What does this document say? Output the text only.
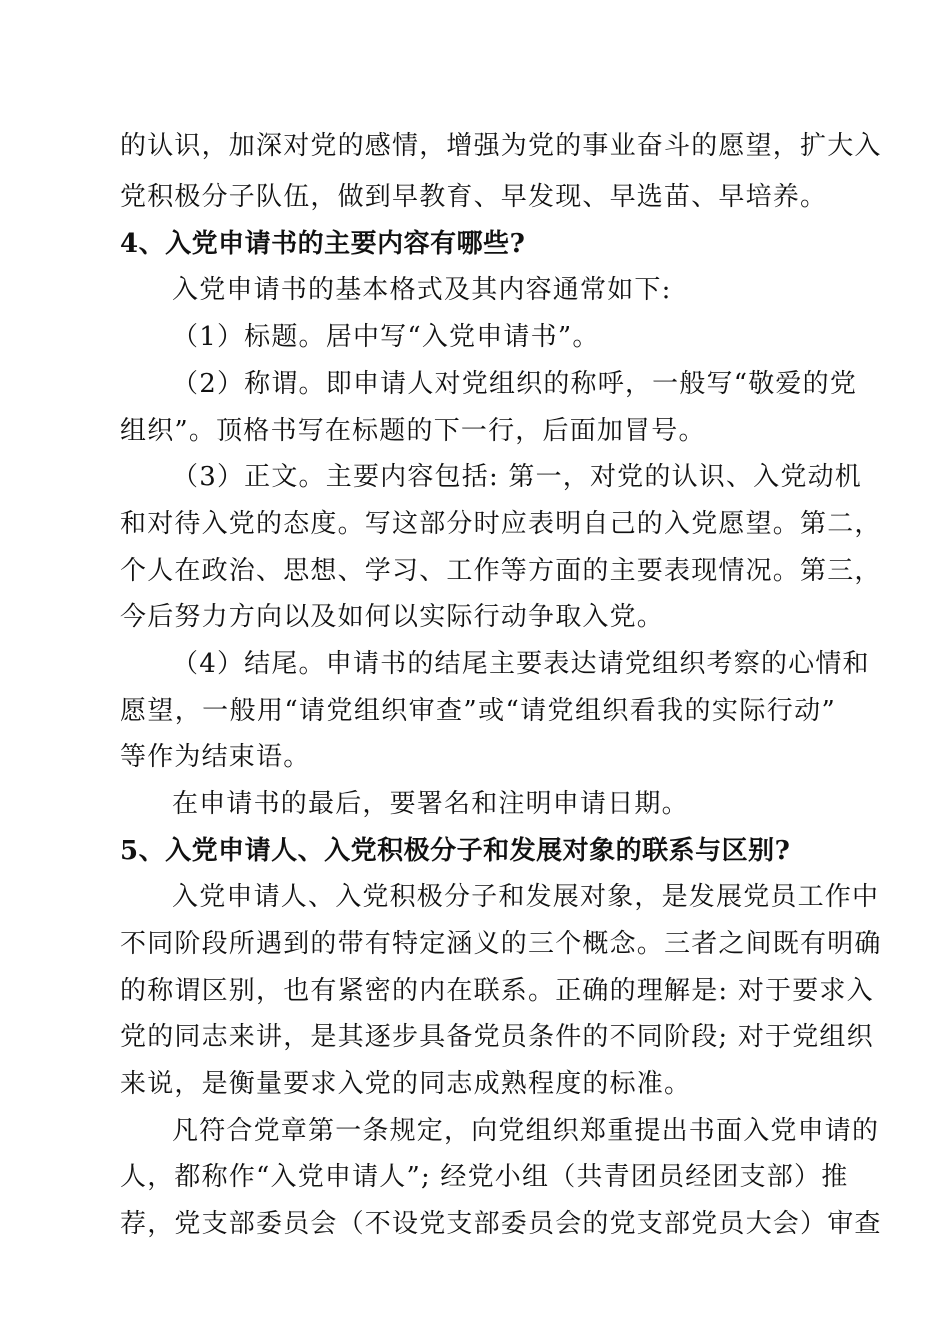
的认识，加深对党的感情，增强为党的事业奋斗的愿望，扩大入
党积极分子队伍，做到早教育、早发现、早选苗、早培养。
4、入党申请书的主要内容有哪些?
入党申请书的基本格式及其内容通常如下:
（1）标题。居中写“入党申请书”。
（2）称谓。即申请人对党组织的称呼，一般写“敬爱的党
组织”。顶格书写在标题的下一行，后面加冒号。
（3）正文。主要内容包括: 第一，对党的认识、入党动机
和对待入党的态度。写这部分时应表明自己的入党愿望。第二，
个人在政治、思想、学习、工作等方面的主要表现情况。第三，
今后努力方向以及如何以实际行动争取入党。
（4）结尾。申请书的结尾主要表达请党组织考察的心情和
愿望，一般用“请党组织审查”或“请党组织看我的实际行动”
等作为结束语。
在申请书的最后，要署名和注明申请日期。
5、入党申请人、入党积极分子和发展对象的联系与区别?
入党申请人、入党积极分子和发展对象，是发展党员工作中
不同阶段所遇到的带有特定涵义的三个概念。三者之间既有明确
的称谓区别，也有紧密的内在联系。正确的理解是: 对于要求入
党的同志来讲，是其逐步具备党员条件的不同阶段; 对于党组织
来说，是衡量要求入党的同志成熟程度的标准。
凡符合党章第一条规定，向党组织郑重提出书面入党申请的
人，都称作“入党申请人”; 经党小组（共青团员经团支部）推
荐，党支部委员会（不设党支部委员会的党支部党员大会）审查
